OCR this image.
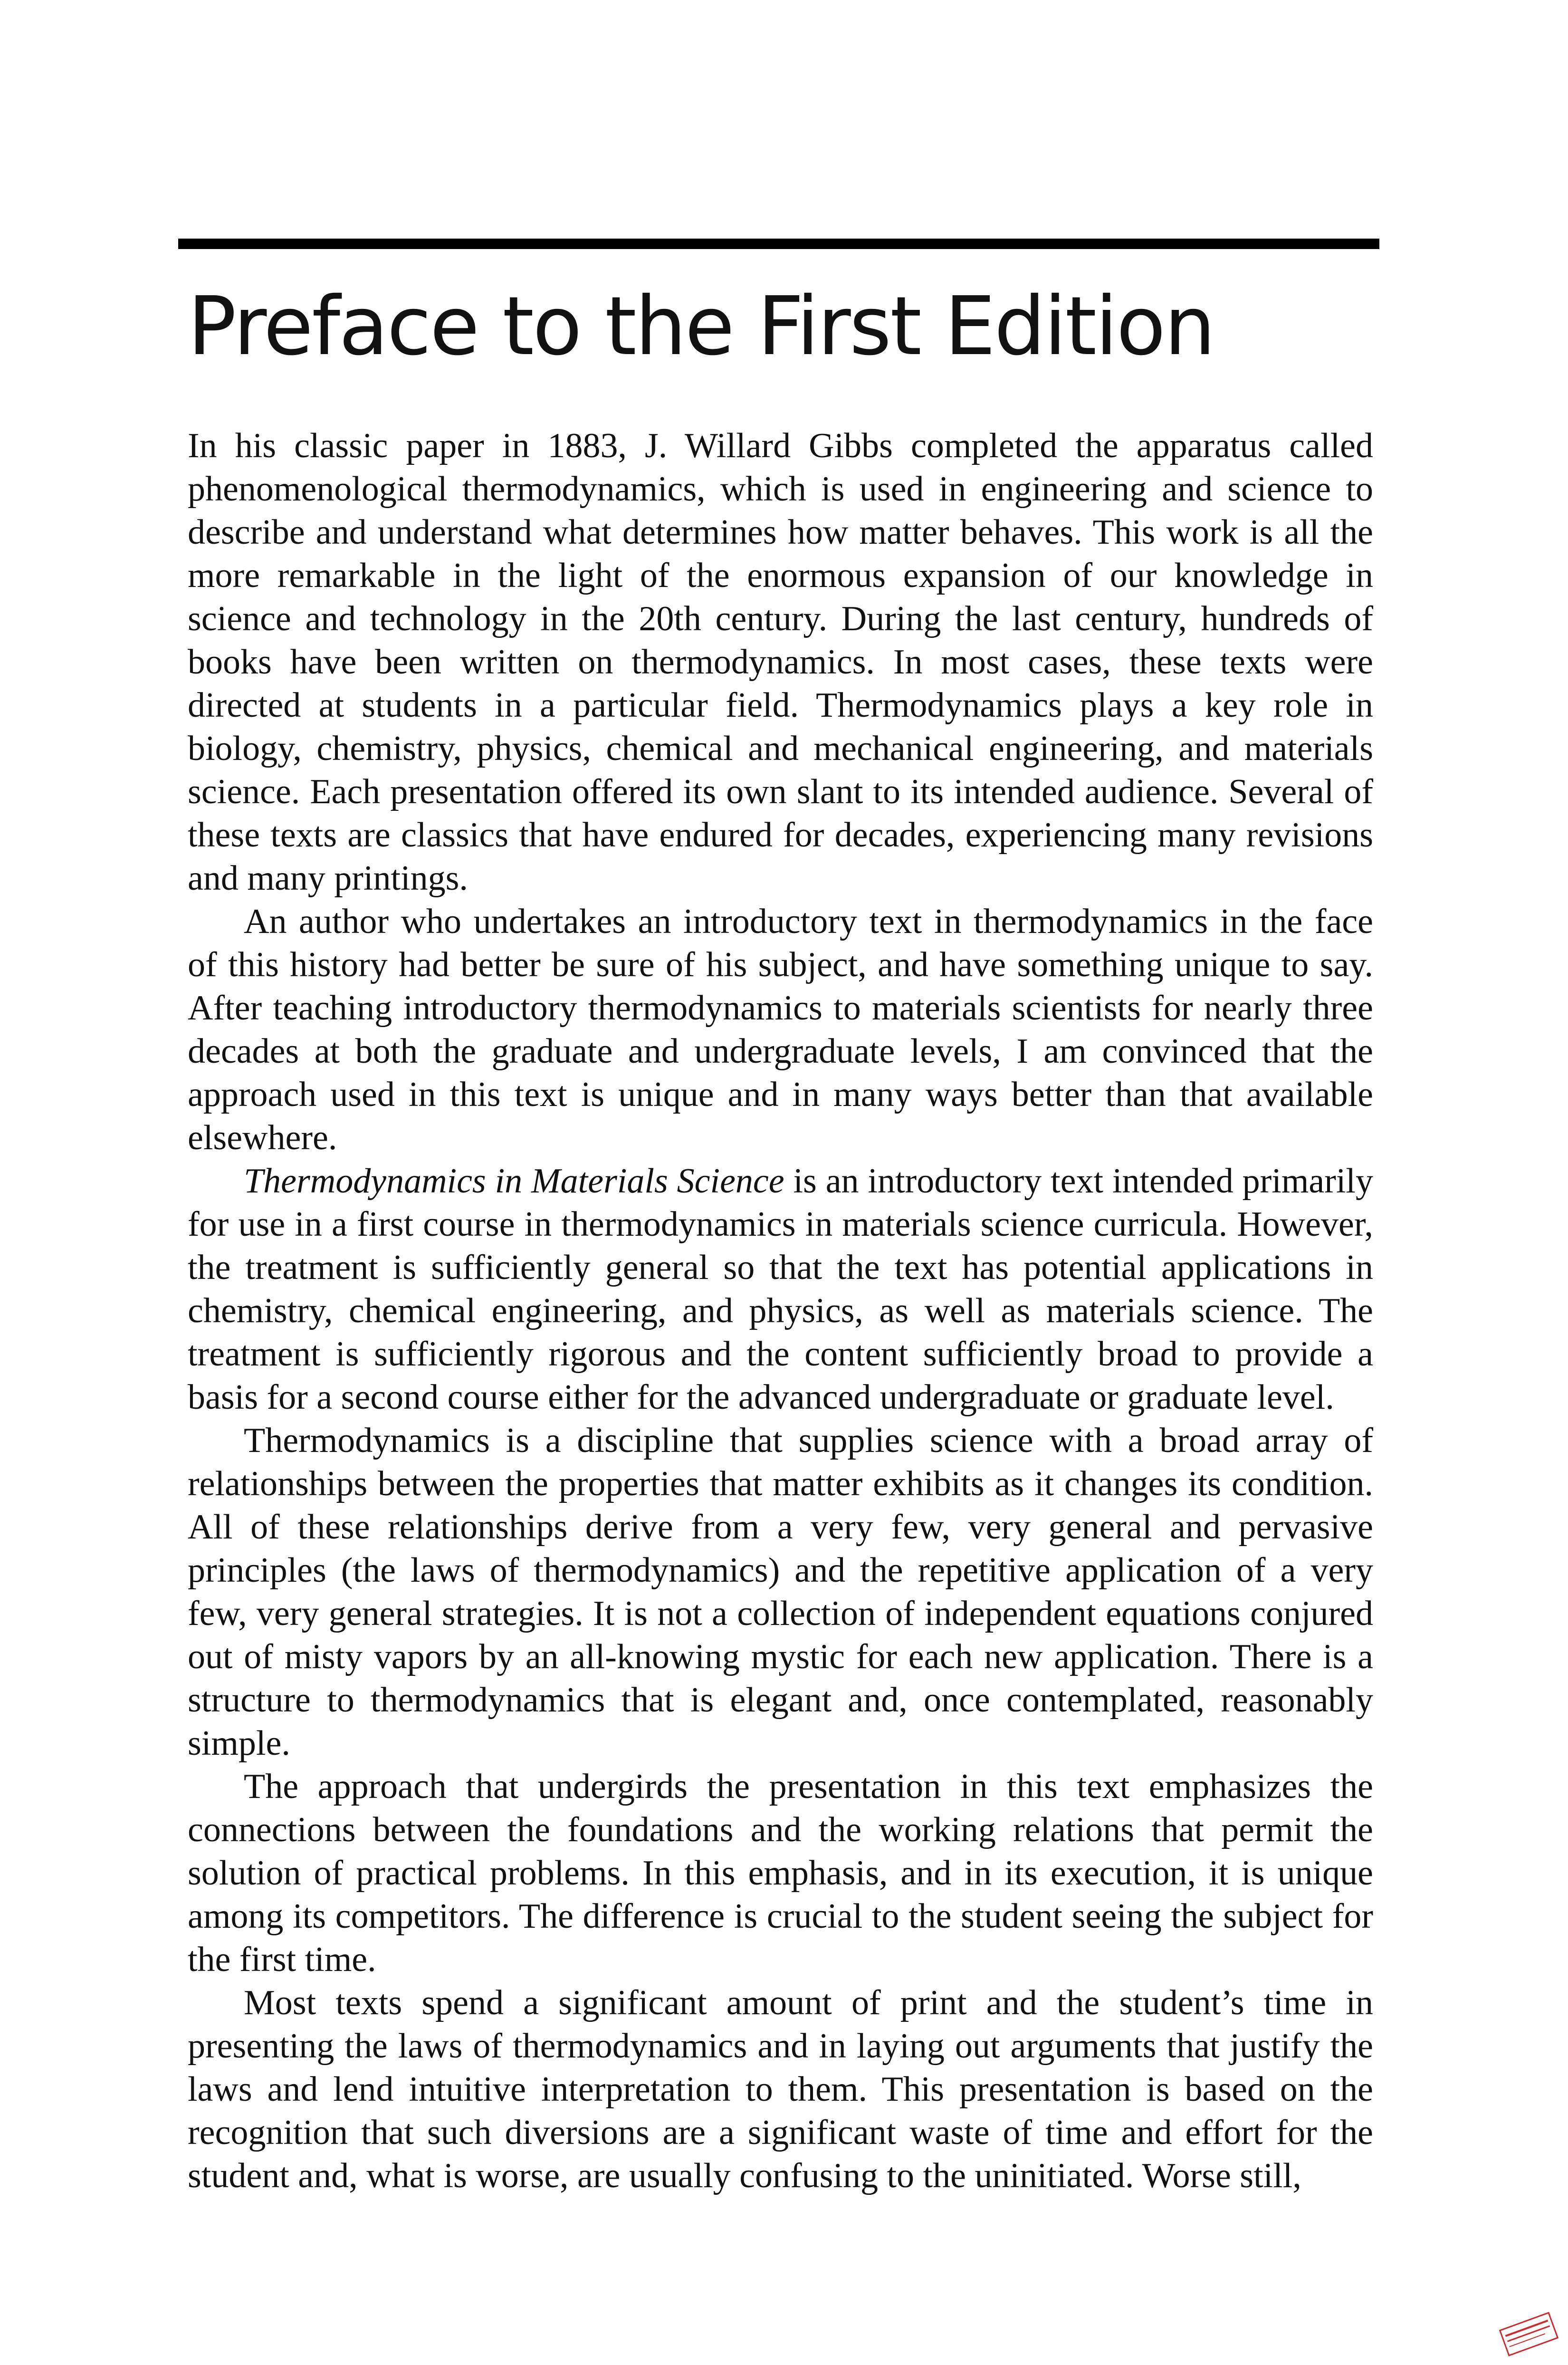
Preface to the First Edition

In his classic paper in 1883, J. Willard Gibbs completed the apparatus called phenomenological thermodynamics, which is used in engineering and science to describe and understand what determines how matter behaves. This work is all the more remarkable in the light of the enormous expansion of our knowledge in science and technology in the 20th century. During the last century, hundreds of books have been written on thermodynamics. In most cases, these texts were directed at students in a particular field. Thermodynamics plays a key role in biology, chemistry, physics, chemical and mechanical engineering, and materials science. Each presentation offered its own slant to its intended audience. Several of these texts are classics that have endured for decades, experiencing many revisions and many printings.

An author who undertakes an introductory text in thermodynamics in the face of this history had better be sure of his subject, and have something unique to say. After teaching introductory thermodynamics to materials scientists for nearly three decades at both the graduate and undergraduate levels, I am convinced that the approach used in this text is unique and in many ways better than that available elsewhere.

Thermodynamics in Materials Science is an introductory text intended primarily for use in a first course in thermodynamics in materials science curricula. However, the treatment is sufficiently general so that the text has potential applications in chemistry, chemical engineering, and physics, as well as materials science. The treatment is sufficiently rigorous and the content sufficiently broad to provide a basis for a second course either for the advanced undergraduate or graduate level.

Thermodynamics is a discipline that supplies science with a broad array of relationships between the properties that matter exhibits as it changes its condition. All of these relationships derive from a very few, very general and pervasive principles (the laws of thermodynamics) and the repetitive application of a very few, very general strategies. It is not a collection of independent equations conjured out of misty vapors by an all-knowing mystic for each new application. There is a structure to thermodynamics that is elegant and, once contemplated, reasonably simple.

The approach that undergirds the presentation in this text emphasizes the connections between the foundations and the working relations that permit the solution of practical problems. In this emphasis, and in its execution, it is unique among its competitors. The difference is crucial to the student seeing the subject for the first time.

Most texts spend a significant amount of print and the student’s time in presenting the laws of thermodynamics and in laying out arguments that justify the laws and lend intuitive interpretation to them. This presentation is based on the recognition that such diversions are a significant waste of time and effort for the student and, what is worse, are usually confusing to the uninitiated. Worse still,
